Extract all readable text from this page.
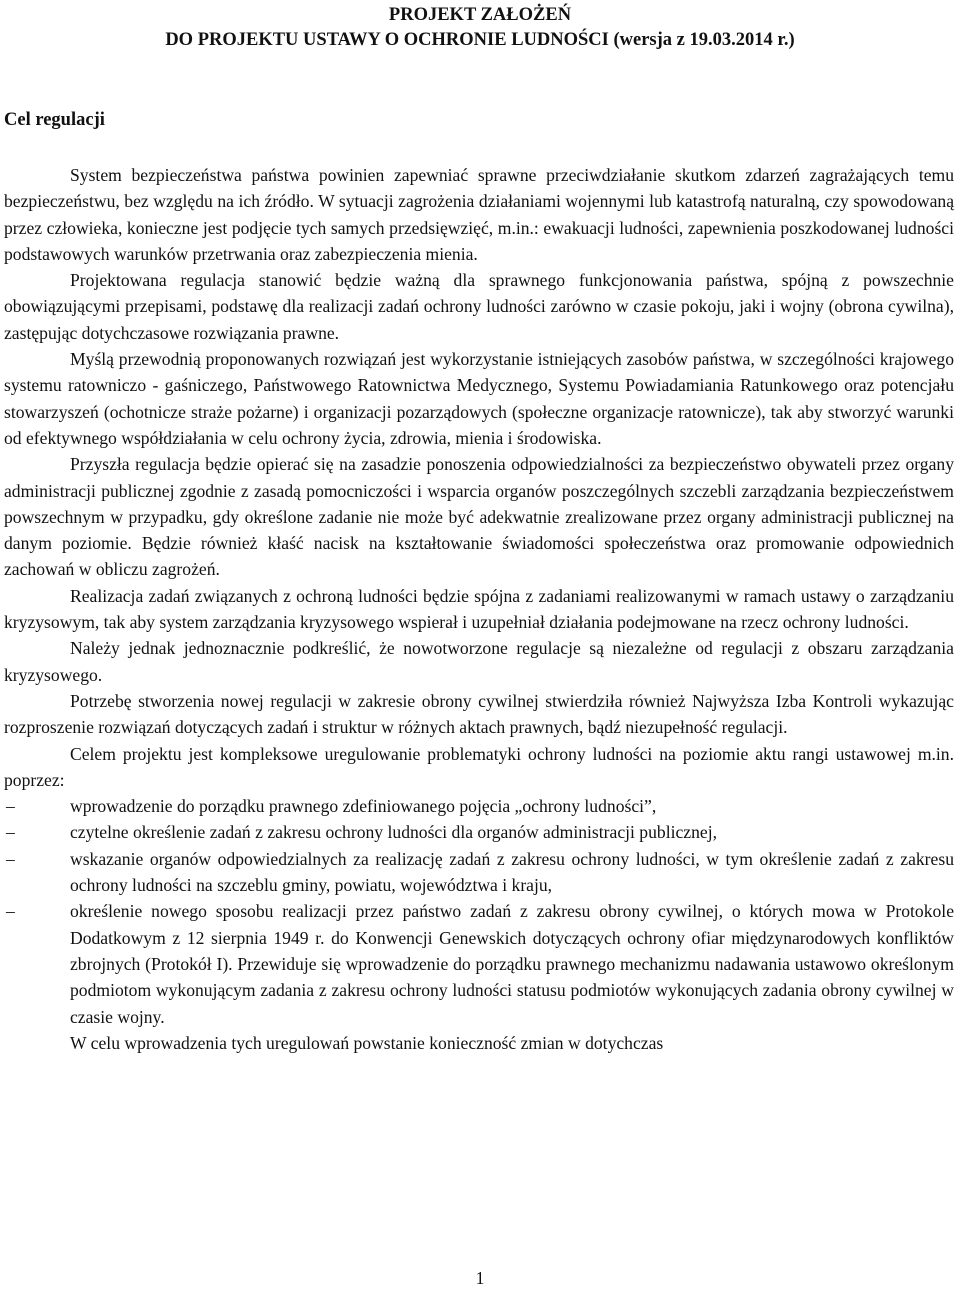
PROJEKT ZAŁOŻEŃ
DO PROJEKTU USTAWY O OCHRONIE LUDNOŚCI (wersja z 19.03.2014 r.)
Cel regulacji

System bezpieczeństwa państwa powinien zapewniać sprawne przeciwdziałanie skutkom zdarzeń zagrażających temu bezpieczeństwu, bez względu na ich źródło. W sytuacji zagrożenia działaniami wojennymi lub katastrofą naturalną, czy spowodowaną przez człowieka, konieczne jest podjęcie tych samych przedsięwzięć, m.in.: ewakuacji ludności, zapewnienia poszkodowanej ludności podstawowych warunków przetrwania oraz zabezpieczenia mienia.

Projektowana regulacja stanowić będzie ważną dla sprawnego funkcjonowania państwa, spójną z powszechnie obowiązującymi przepisami, podstawę dla realizacji zadań ochrony ludności zarówno w czasie pokoju, jaki i wojny (obrona cywilna), zastępując dotychczasowe rozwiązania prawne.

Myślą przewodnią proponowanych rozwiązań jest wykorzystanie istniejących zasobów państwa, w szczególności krajowego systemu ratowniczo - gaśniczego, Państwowego Ratownictwa Medycznego, Systemu Powiadamiania Ratunkowego oraz potencjału stowarzyszeń (ochotnicze straże pożarne) i organizacji pozarządowych (społeczne organizacje ratownicze), tak aby stworzyć warunki od efektywnego współdziałania w celu ochrony życia, zdrowia, mienia i środowiska.

Przyszła regulacja będzie opierać się na zasadzie ponoszenia odpowiedzialności za bezpieczeństwo obywateli przez organy administracji publicznej zgodnie z zasadą pomocniczości i wsparcia organów poszczególnych szczebli zarządzania bezpieczeństwem powszechnym w przypadku, gdy określone zadanie nie może być adekwatnie zrealizowane przez organy administracji publicznej na danym poziomie. Będzie również kłaść nacisk na kształtowanie świadomości społeczeństwa oraz promowanie odpowiednich zachowań w obliczu zagrożeń.

Realizacja zadań związanych z ochroną ludności będzie spójna z zadaniami realizowanymi w ramach ustawy o zarządzaniu kryzysowym, tak aby system zarządzania kryzysowego wspierał i uzupełniał działania podejmowane na rzecz ochrony ludności.

Należy jednak jednoznacznie podkreślić, że nowotworzone regulacje są niezależne od regulacji z obszaru zarządzania kryzysowego.

Potrzebę stworzenia nowej regulacji w zakresie obrony cywilnej stwierdziła również Najwyższa Izba Kontroli wykazując rozproszenie rozwiązań dotyczących zadań i struktur w różnych aktach prawnych, bądź niezupełność regulacji.

Celem projektu jest kompleksowe uregulowanie problematyki ochrony ludności na poziomie aktu rangi ustawowej m.in. poprzez:

–	wprowadzenie do porządku prawnego zdefiniowanego pojęcia „ochrony ludności”,
–	czytelne określenie zadań z zakresu ochrony ludności dla organów administracji publicznej,
–	wskazanie organów odpowiedzialnych za realizację zadań z zakresu ochrony ludności, w tym określenie zadań z zakresu ochrony ludności na szczeblu gminy, powiatu, województwa i kraju,
–	określenie nowego sposobu realizacji przez państwo zadań z zakresu obrony cywilnej, o których mowa w Protokole Dodatkowym z 12 sierpnia 1949 r. do Konwencji Genewskich dotyczących ochrony ofiar międzynarodowych konfliktów zbrojnych (Protokół I). Przewiduje się wprowadzenie do porządku prawnego mechanizmu nadawania ustawowo określonym podmiotom wykonującym zadania z zakresu ochrony ludności statusu podmiotów wykonujących zadania obrony cywilnej w czasie wojny.

W celu wprowadzenia tych uregulowań powstanie konieczność zmian w dotychczas

1
